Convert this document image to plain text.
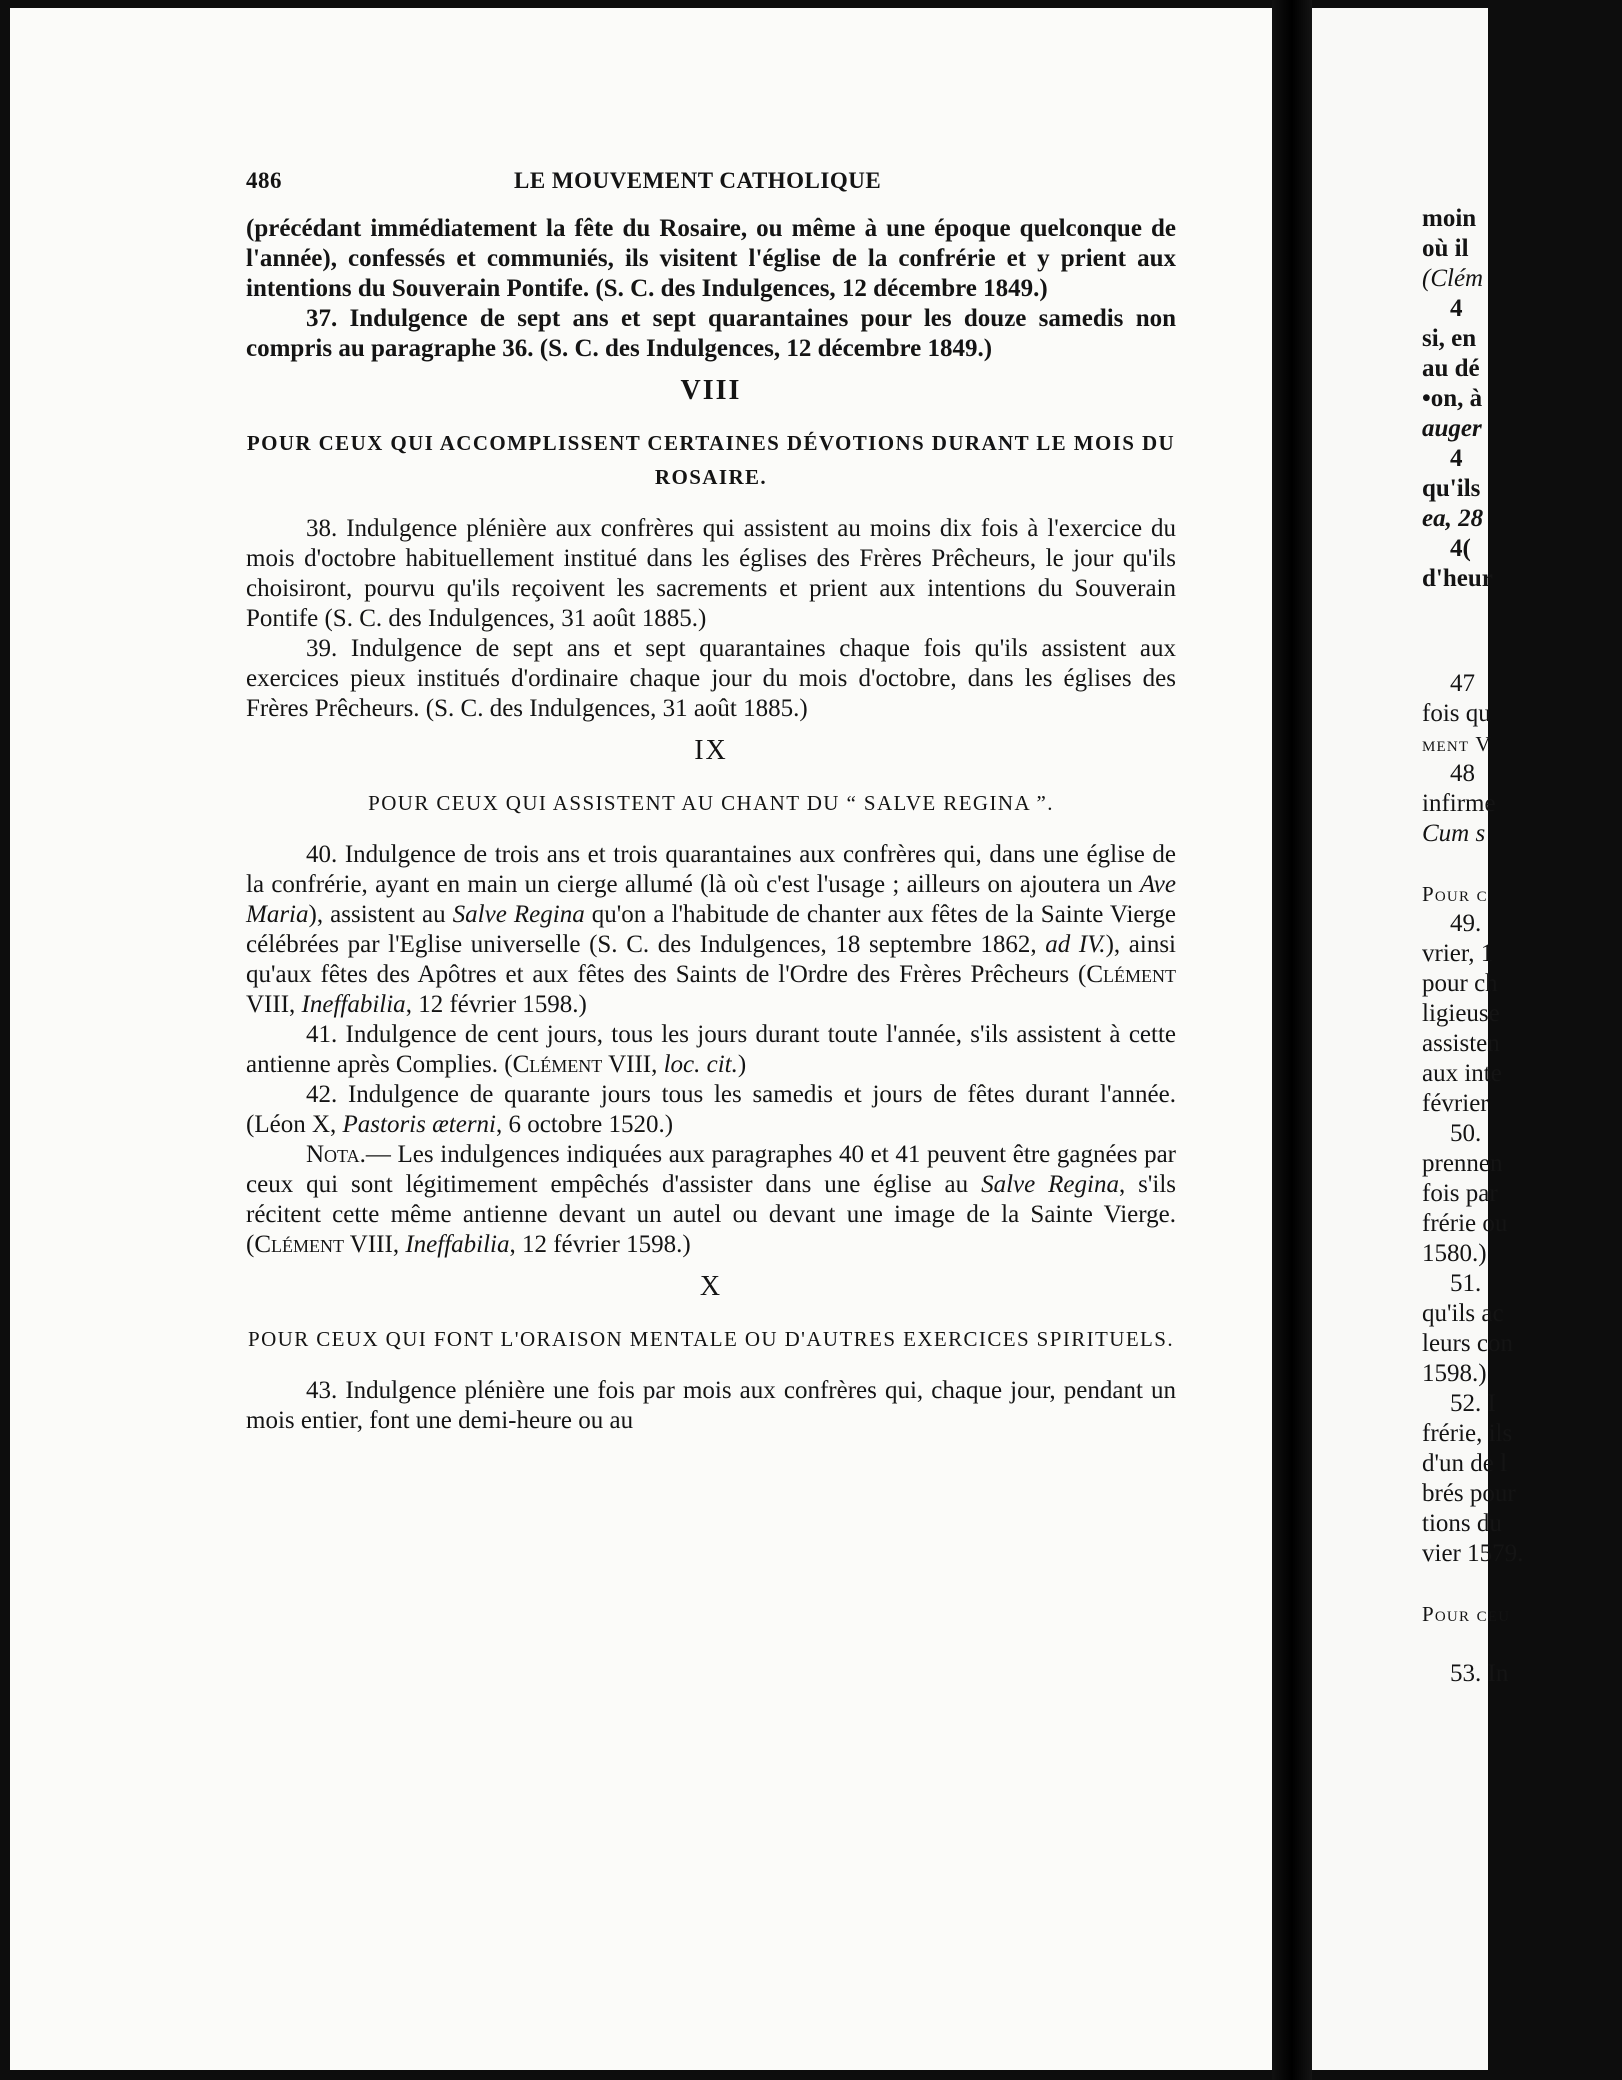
486	LE MOUVEMENT CATHOLIQUE

(précédant immédiatement la fête du Rosaire, ou même à une époque quelconque de l'année), confessés et communiés, ils visitent l'église de la confrérie et y prient aux intentions du Souverain Pontife. (S. C. des Indulgences, 12 décembre 1849.)

37. Indulgence de sept ans et sept quarantaines pour les douze samedis non compris au paragraphe 36. (S. C. des Indulgences, 12 décembre 1849.)

VIII
POUR CEUX QUI ACCOMPLISSENT CERTAINES DÉVOTIONS DURANT LE MOIS DU ROSAIRE.

38. Indulgence plénière aux confrères qui assistent au moins dix fois à l'exercice du mois d'octobre habituellement institué dans les églises des Frères Prêcheurs, le jour qu'ils choisiront, pourvu qu'ils reçoivent les sacrements et prient aux intentions du Souverain Pontife (S. C. des Indulgences, 31 août 1885.)

39. Indulgence de sept ans et sept quarantaines chaque fois qu'ils assistent aux exercices pieux institués d'ordinaire chaque jour du mois d'octobre, dans les églises des Frères Prêcheurs. (S. C. des Indulgences, 31 août 1885.)

IX
POUR CEUX QUI ASSISTENT AU CHANT DU “ SALVE REGINA ”.

40. Indulgence de trois ans et trois quarantaines aux confrères qui, dans une église de la confrérie, ayant en main un cierge allumé (là où c'est l'usage ; ailleurs on ajoutera un Ave Maria), assistent au Salve Regina qu'on a l'habitude de chanter aux fêtes de la Sainte Vierge célébrées par l'Eglise universelle (S. C. des Indulgences, 18 septembre 1862, ad IV.), ainsi qu'aux fêtes des Apôtres et aux fêtes des Saints de l'Ordre des Frères Prêcheurs (Clément VIII, Ineffabilia, 12 février 1598.)

41. Indulgence de cent jours, tous les jours durant toute l'année, s'ils assistent à cette antienne après Complies. (Clément VIII, loc. cit.)

42. Indulgence de quarante jours tous les samedis et jours de fêtes durant l'année. (Léon X, Pastoris æterni, 6 octobre 1520.)

Nota.— Les indulgences indiquées aux paragraphes 40 et 41 peuvent être gagnées par ceux qui sont légitimement empêchés d'assister dans une église au Salve Regina, s'ils récitent cette même antienne devant un autel ou devant une image de la Sainte Vierge. (Clément VIII, Ineffabilia, 12 février 1598.)

X
POUR CEUX QUI FONT L'ORAISON MENTALE OU D'AUTRES EXERCICES SPIRITUELS.

43. Indulgence plénière une fois par mois aux confrères qui, chaque jour, pendant un mois entier, font une demi-heure ou au

moin
où il
(Clém
4
si, en
au dé
•on, à
auger
4
qu'ils
ea, 28
4(
d'heur
47
fois qu
ment V
48
infirme
Cum s
Pour c
49.
vrier, 1
pour ch
ligieuse
assisten
aux inte
février
50.
prennen
fois par
frérie ou
1580.)
51.
qu'ils ac
leurs con
1598.)
52. I
frérie, ils
d'un de l
brés pour
tions du
vier 1579.
Pour ceu
53. In
